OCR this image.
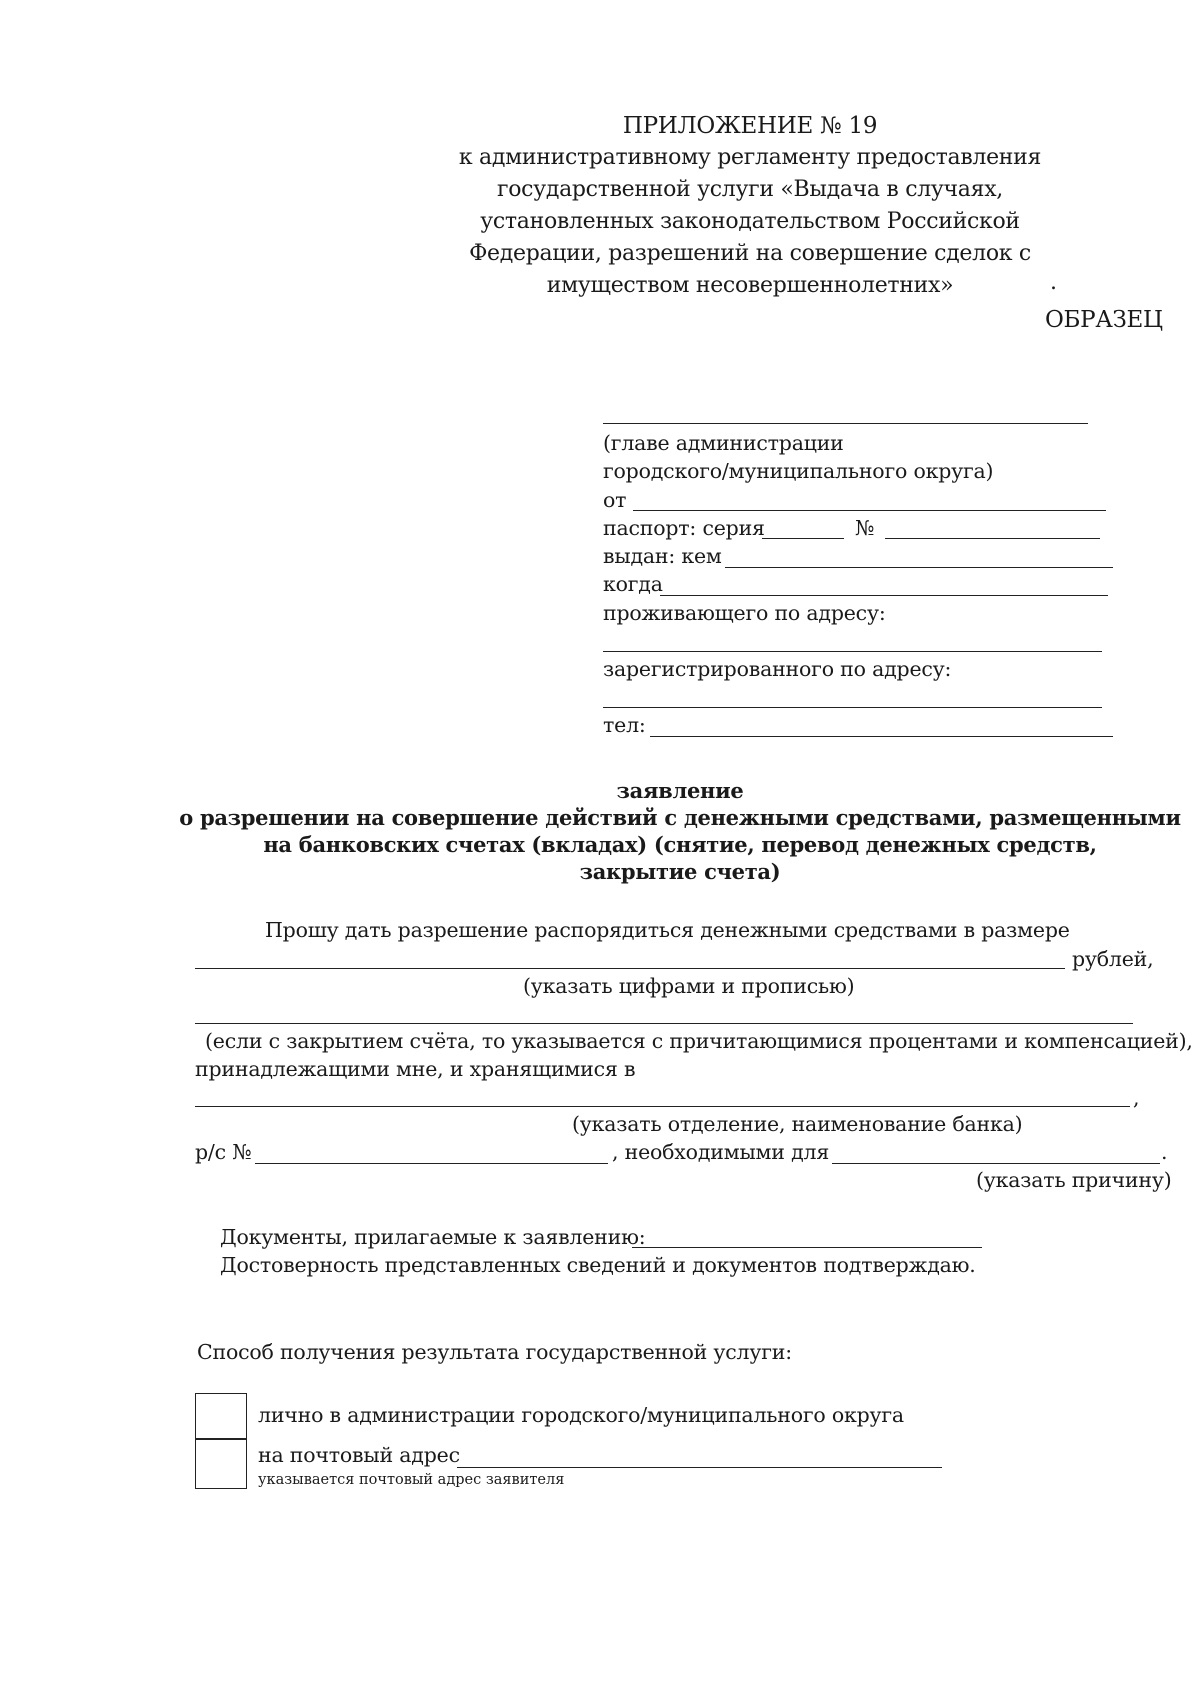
ПРИЛОЖЕНИЕ № 19
к административному регламенту предоставления
государственной услуги «Выдача в случаях,
установленных законодательством Российской
Федерации, разрешений на совершение сделок с
имуществом несовершеннолетних»	.
ОБРАЗЕЦ
(главе администрации
городского/муниципального округа)
от
паспорт: серия	№
выдан: кем
когда
проживающего по адресу:
зарегистрированного по адресу:
тел:
заявление
о разрешении на совершение действий с денежными средствами, размещенными
на банковских счетах (вкладах) (снятие, перевод денежных средств,
закрытие счета)
Прошу дать разрешение распорядиться денежными средствами в размере
рублей,
(указать цифрами и прописью)
(если с закрытием счёта, то указывается с причитающимися процентами и компенсацией),
принадлежащими мне, и хранящимися в
,
(указать отделение, наименование банка)
р/с №	, необходимыми для	.
(указать причину)
Документы, прилагаемые к заявлению:
Достоверность представленных сведений и документов подтверждаю.
Способ получения результата государственной услуги:
лично в администрации городского/муниципального округа
на почтовый адрес
указывается почтовый адрес заявителя
